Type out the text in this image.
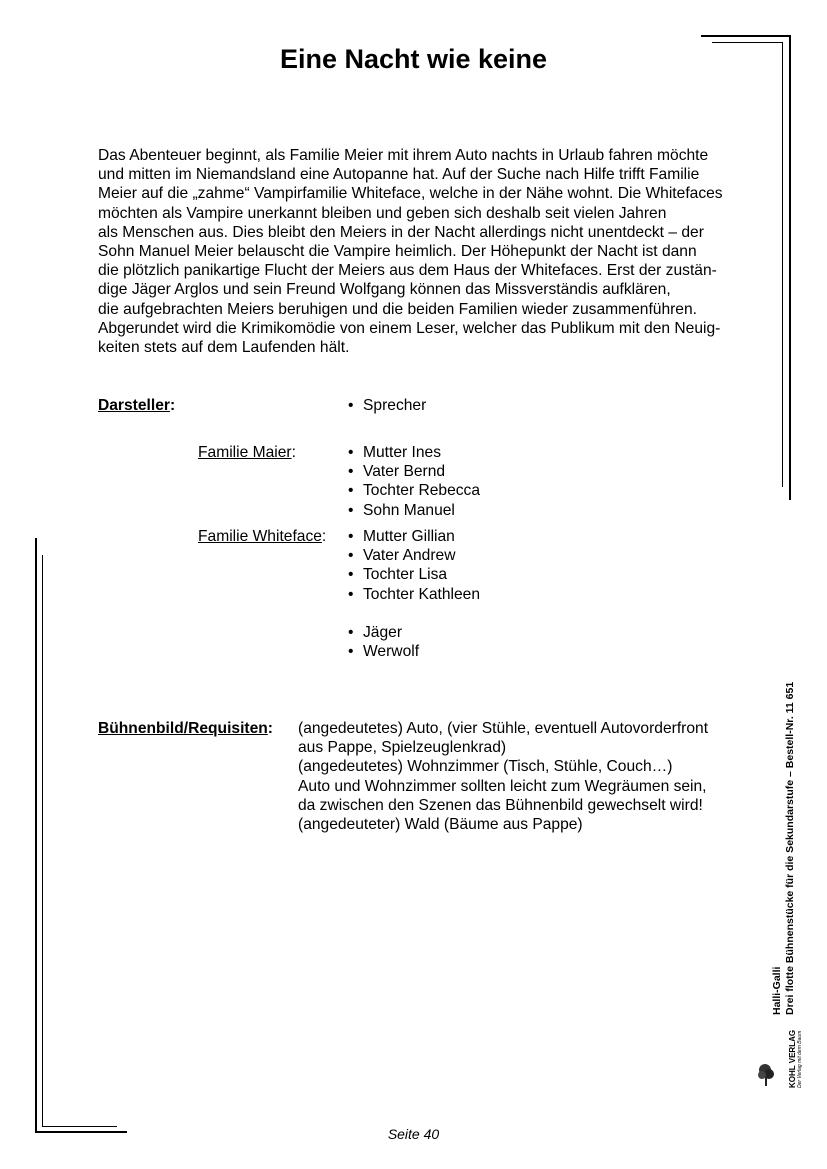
Eine Nacht wie keine
Das Abenteuer beginnt, als Familie Meier mit ihrem Auto nachts in Urlaub fahren möchte
und mitten im Niemandsland eine Autopanne hat. Auf der Suche nach Hilfe trifft Familie
Meier auf die „zahme“ Vampirfamilie Whiteface, welche in der Nähe wohnt. Die Whitefaces
möchten als Vampire unerkannt bleiben und geben sich deshalb seit vielen Jahren
als Menschen aus. Dies bleibt den Meiers in der Nacht allerdings nicht unentdeckt – der
Sohn Manuel Meier belauscht die Vampire heimlich. Der Höhepunkt der Nacht ist dann
die plötzlich panikartige Flucht der Meiers aus dem Haus der Whitefaces. Erst der zustän-
dige Jäger Arglos und sein Freund Wolfgang können das Missverständis aufklären,
die aufgebrachten Meiers beruhigen und die beiden Familien wieder zusammenführen.
Abgerundet wird die Krimikomödie von einem Leser, welcher das Publikum mit den Neuig-
keiten stets auf dem Laufenden hält.
Darsteller:	• Sprecher
Familie Maier:	• Mutter Ines
• Vater Bernd
• Tochter Rebecca
• Sohn Manuel
Familie Whiteface:	• Mutter Gillian
• Vater Andrew
• Tochter Lisa
• Tochter Kathleen
• Jäger
• Werwolf
Bühnenbild/Requisiten: (angedeutetes) Auto, (vier Stühle, eventuell Autovorderfront
aus Pappe, Spielzeuglenkrad)
(angedeutetes) Wohnzimmer (Tisch, Stühle, Couch…)
Auto und Wohnzimmer sollten leicht zum Wegräumen sein,
da zwischen den Szenen das Bühnenbild gewechselt wird!
(angedeuteter) Wald (Bäume aus Pappe)
Halli-Galli Drei flotte Bühnenstücke für die Sekundarstufe – Bestell-Nr. 11 651
KOHL VERLAG Der Verlag mit dem Baum
Seite 40
